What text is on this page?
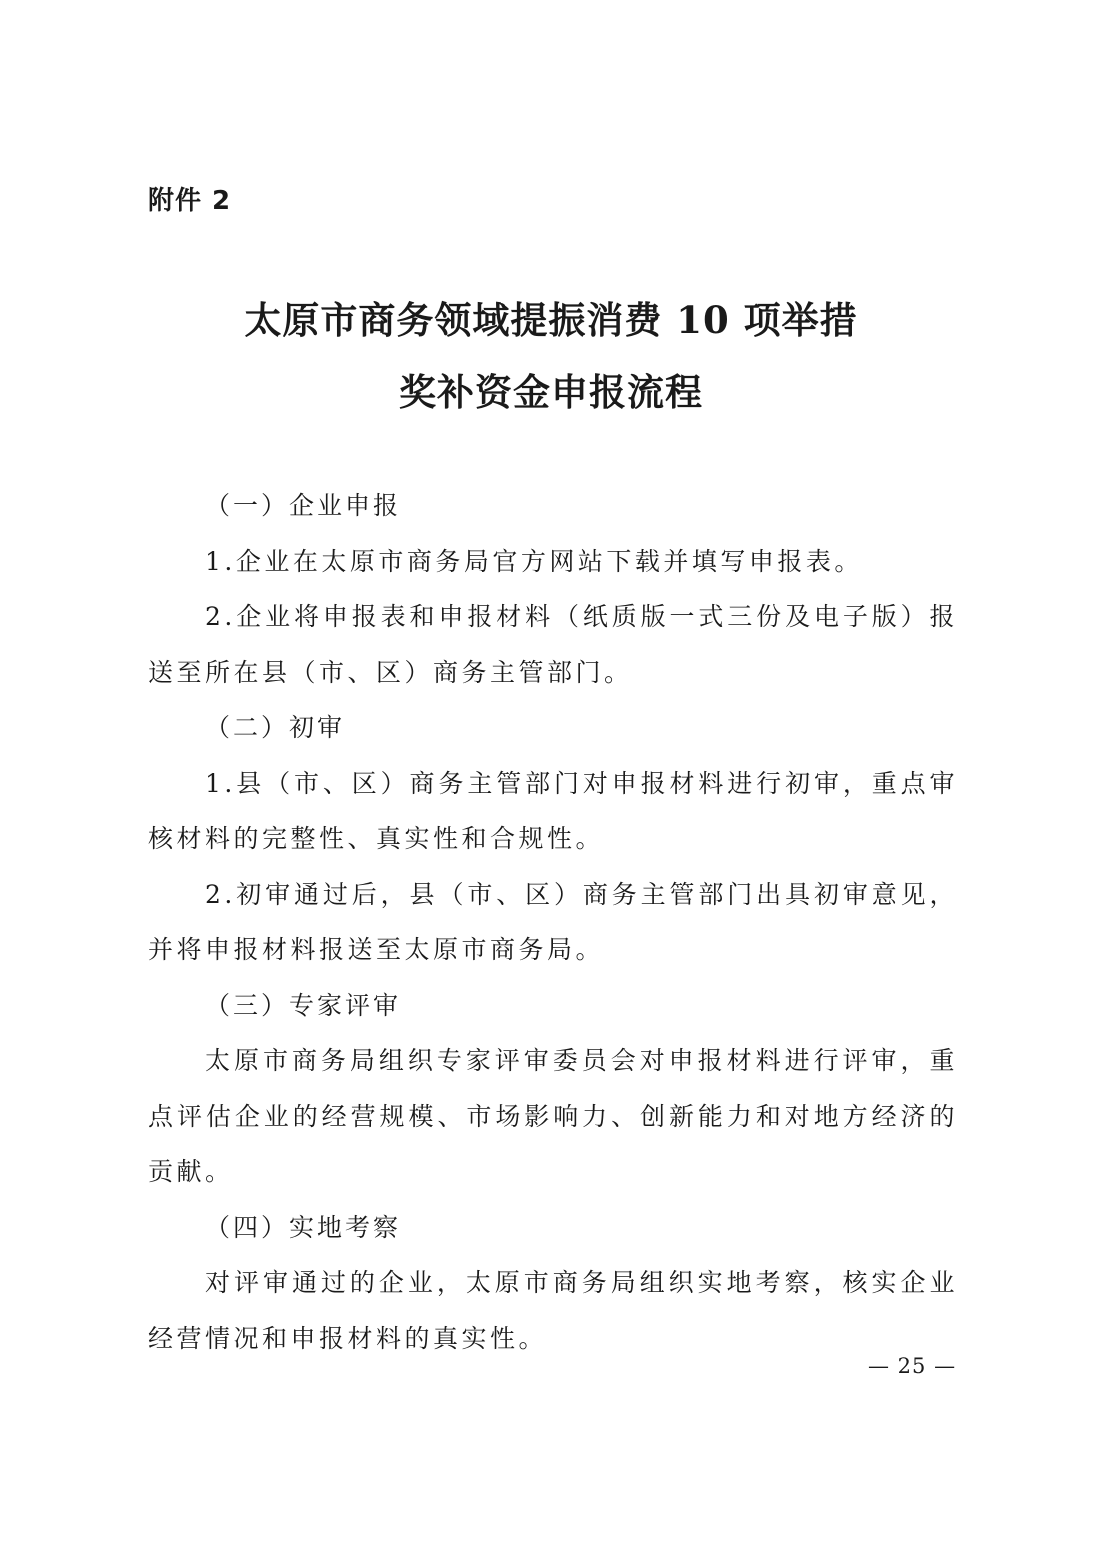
附件 2
太原市商务领域提振消费 10 项举措
奖补资金申报流程

（一）企业申报

1.企业在太原市商务局官方网站下载并填写申报表。

2.企业将申报表和申报材料（纸质版一式三份及电子版）报送至所在县（市、区）商务主管部门。

（二）初审

1.县（市、区）商务主管部门对申报材料进行初审，重点审核材料的完整性、真实性和合规性。

2.初审通过后，县（市、区）商务主管部门出具初审意见，并将申报材料报送至太原市商务局。

（三）专家评审

太原市商务局组织专家评审委员会对申报材料进行评审，重点评估企业的经营规模、市场影响力、创新能力和对地方经济的贡献。

（四）实地考察

对评审通过的企业，太原市商务局组织实地考察，核实企业经营情况和申报材料的真实性。

— 25 —
